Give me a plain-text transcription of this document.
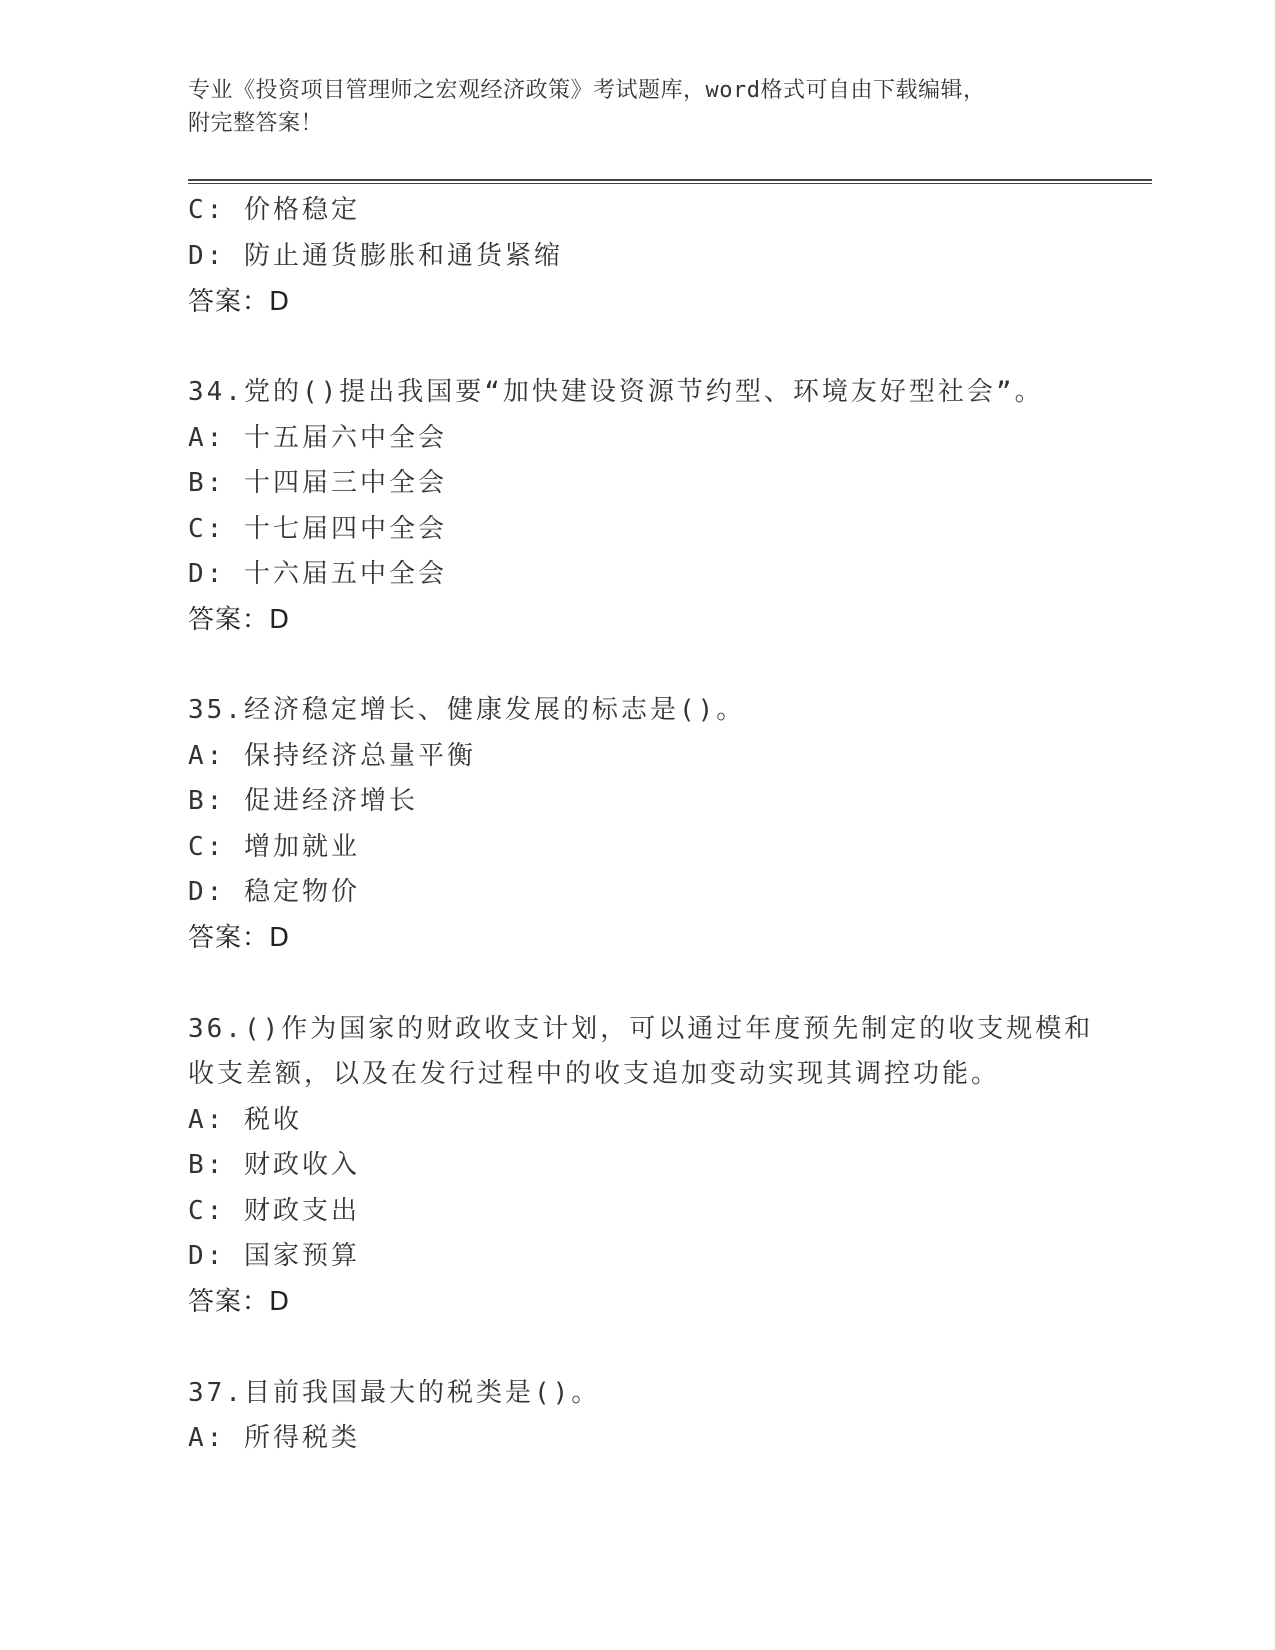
专业《投资项目管理师之宏观经济政策》考试题库，word格式可自由下载编辑，
附完整答案！
C: 价格稳定
D: 防止通货膨胀和通货紧缩
答案：D
34.党的()提出我国要“加快建设资源节约型、环境友好型社会”。
A: 十五届六中全会
B: 十四届三中全会
C: 十七届四中全会
D: 十六届五中全会
答案：D
35.经济稳定增长、健康发展的标志是()。
A: 保持经济总量平衡
B: 促进经济增长
C: 增加就业
D: 稳定物价
答案：D
36.()作为国家的财政收支计划，可以通过年度预先制定的收支规模和
收支差额，以及在发行过程中的收支追加变动实现其调控功能。
A: 税收
B: 财政收入
C: 财政支出
D: 国家预算
答案：D
37.目前我国最大的税类是()。
A: 所得税类
